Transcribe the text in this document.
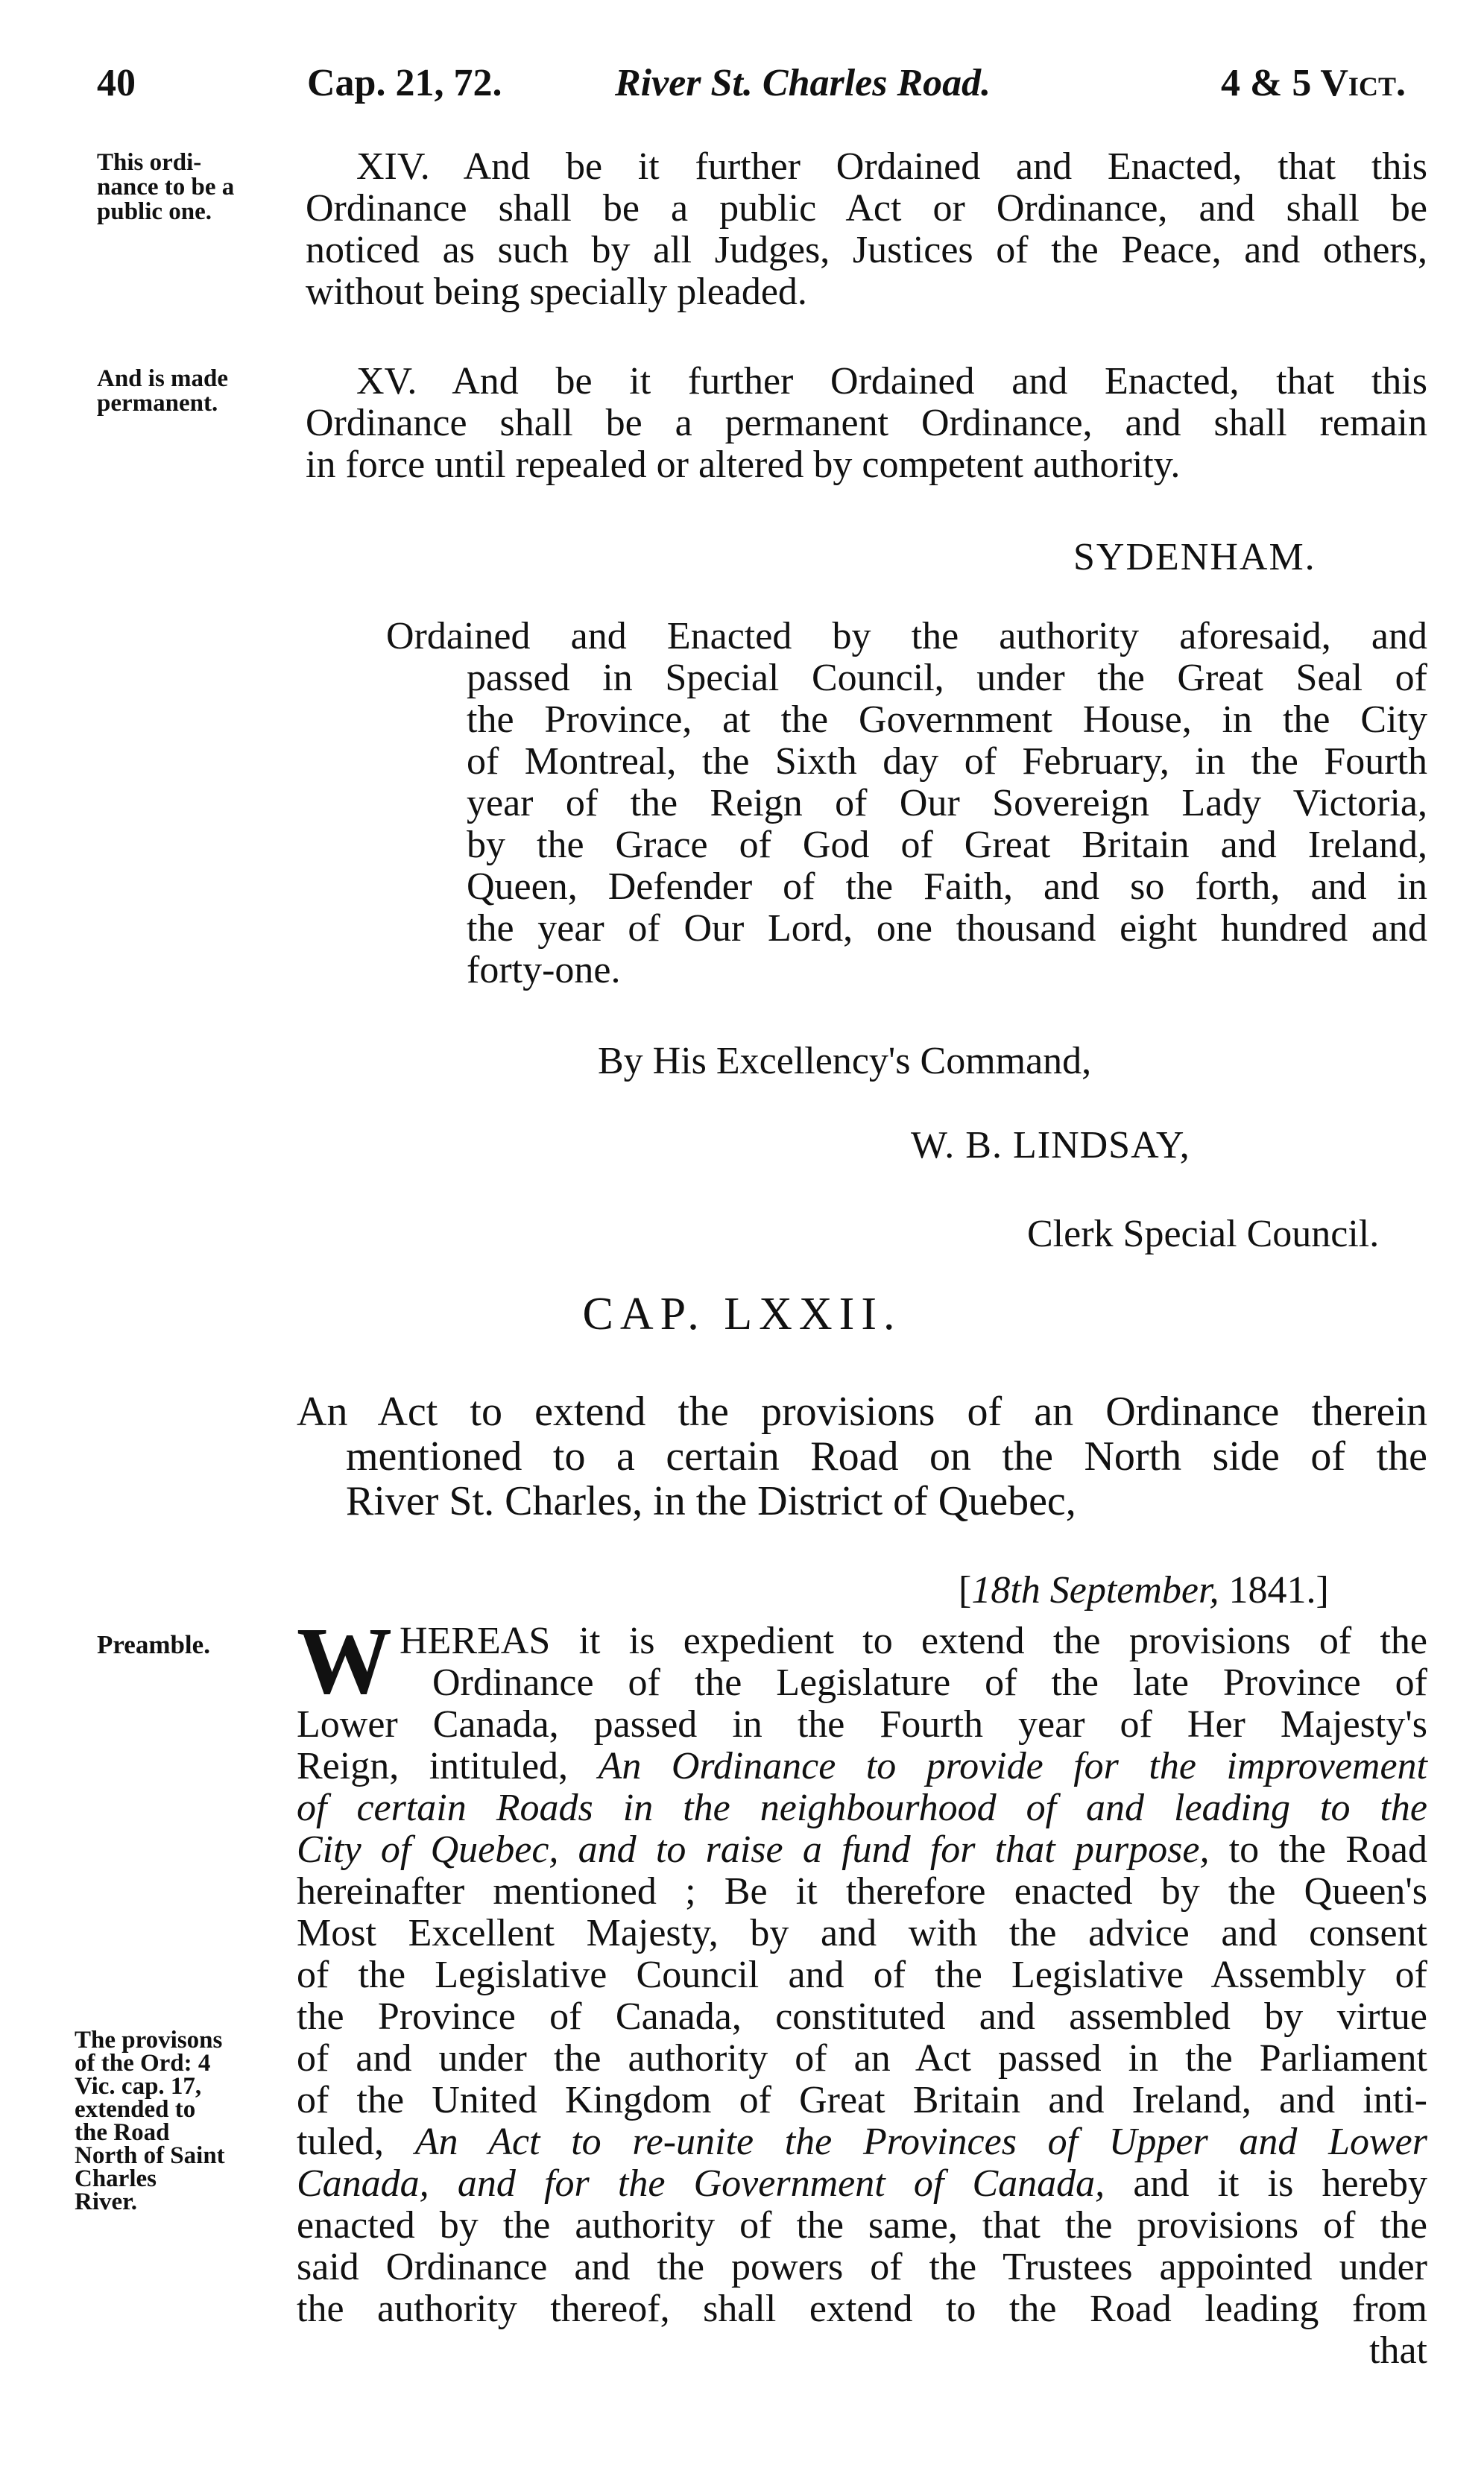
40	Cap. 21, 72.	River St. Charles Road.	4 & 5 Vict.
This ordi-
nance to be a
public one.
XIV. And be it further Ordained and Enacted, that this
Ordinance shall be a public Act or Ordinance, and shall be
noticed as such by all Judges, Justices of the Peace, and others,
without being specially pleaded.
And is made
permanent.
XV. And be it further Ordained and Enacted, that this
Ordinance shall be a permanent Ordinance, and shall remain
in force until repealed or altered by competent authority.
SYDENHAM.
Ordained and Enacted by the authority aforesaid, and
passed in Special Council, under the Great Seal of
the Province, at the Government House, in the City
of Montreal, the Sixth day of February, in the Fourth
year of the Reign of Our Sovereign Lady Victoria,
by the Grace of God of Great Britain and Ireland,
Queen, Defender of the Faith, and so forth, and in
the year of Our Lord, one thousand eight hundred and
forty-one.
By His Excellency's Command,
W. B. LINDSAY,
Clerk Special Council.
CAP. LXXII.
An Act to extend the provisions of an Ordinance therein
mentioned to a certain Road on the North side of the
River St. Charles, in the District of Quebec,
[18th September, 1841.]
Preamble. W HEREAS it is expedient to extend the provisions of the
Ordinance of the Legislature of the late Province of
Lower Canada, passed in the Fourth year of Her Majesty's
Reign, intituled, An Ordinance to provide for the improvement
of certain Roads in the neighbourhood of and leading to the
City of Quebec, and to raise a fund for that purpose, to the Road
hereinafter mentioned ; Be it therefore enacted by the Queen's
Most Excellent Majesty, by and with the advice and consent
of the Legislative Council and of the Legislative Assembly of
the Province of Canada, constituted and assembled by virtue
of and under the authority of an Act passed in the Parliament
of the United Kingdom of Great Britain and Ireland, and inti-
tuled, An Act to re-unite the Provinces of Upper and Lower
Canada, and for the Government of Canada, and it is hereby
enacted by the authority of the same, that the provisions of the
said Ordinance and the powers of the Trustees appointed under
the authority thereof, shall extend to the Road leading from
that
The provisons
of the Ord: 4
Vic. cap. 17,
extended to
the Road
North of Saint
Charles
River.
